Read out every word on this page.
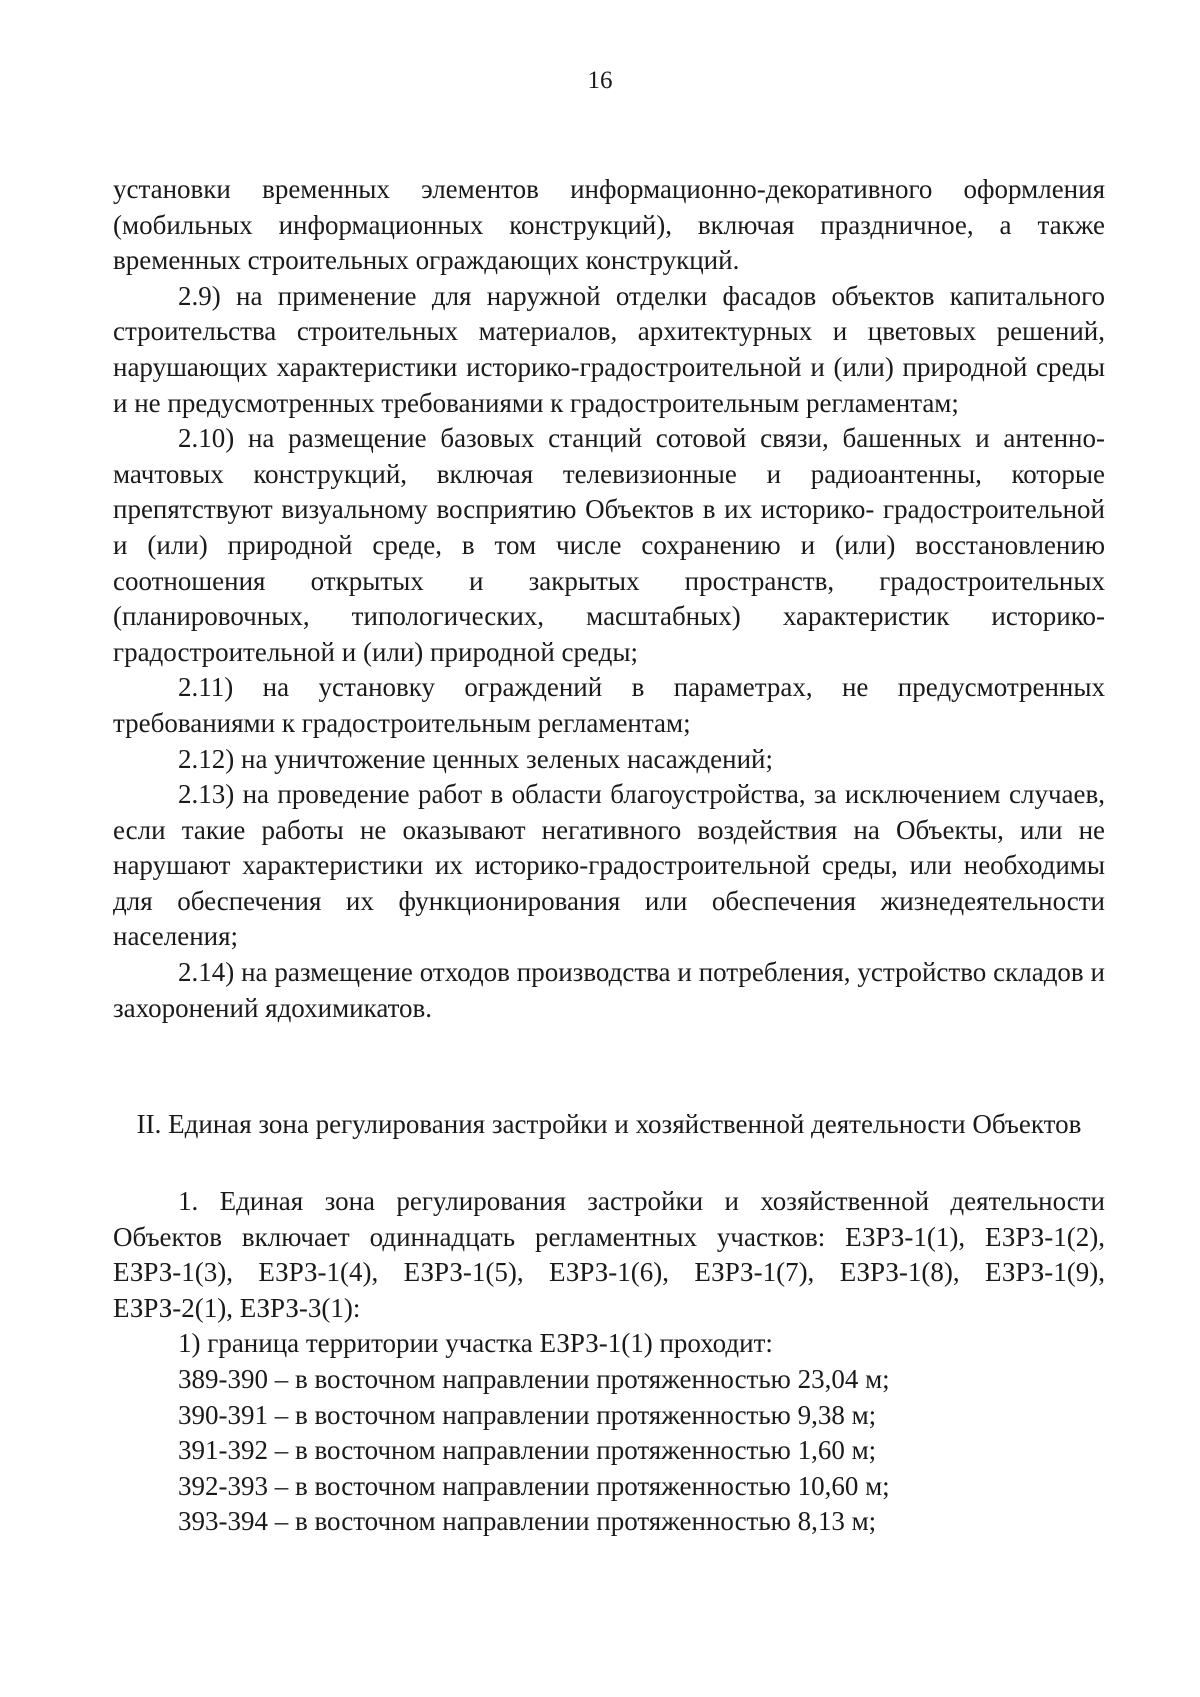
16

установки временных элементов информационно-декоративного оформления (мобильных информационных конструкций), включая праздничное, а также временных строительных ограждающих конструкций.

2.9) на применение для наружной отделки фасадов объектов капитального строительства строительных материалов, архитектурных и цветовых решений, нарушающих характеристики историко-градостроительной и (или) природной среды и не предусмотренных требованиями к градостроительным регламентам;

2.10) на размещение базовых станций сотовой связи, башенных и антенно-мачтовых конструкций, включая телевизионные и радиоантенны, которые препятствуют визуальному восприятию Объектов в их историко- градостроительной и (или) природной среде, в том числе сохранению и (или) восстановлению соотношения открытых и закрытых пространств, градостроительных (планировочных, типологических, масштабных) характеристик историко-градостроительной и (или) природной среды;

2.11) на установку ограждений в параметрах, не предусмотренных требованиями к градостроительным регламентам;

2.12) на уничтожение ценных зеленых насаждений;

2.13) на проведение работ в области благоустройства, за исключением случаев, если такие работы не оказывают негативного воздействия на Объекты, или не нарушают характеристики их историко-градостроительной среды, или необходимы для обеспечения их функционирования или обеспечения жизнедеятельности населения;

2.14) на размещение отходов производства и потребления, устройство складов и захоронений ядохимикатов.

II. Единая зона регулирования застройки и хозяйственной деятельности Объектов

1. Единая зона регулирования застройки и хозяйственной деятельности Объектов включает одиннадцать регламентных участков: ЕЗРЗ-1(1), ЕЗРЗ-1(2), ЕЗРЗ-1(3), ЕЗРЗ-1(4), ЕЗРЗ-1(5), ЕЗРЗ-1(6), ЕЗРЗ-1(7), ЕЗРЗ-1(8), ЕЗРЗ-1(9), ЕЗРЗ-2(1), ЕЗРЗ-3(1):

1) граница территории участка ЕЗРЗ-1(1) проходит:

389-390 – в восточном направлении протяженностью 23,04 м;

390-391 – в восточном направлении протяженностью 9,38 м;

391-392 – в восточном направлении протяженностью 1,60 м;

392-393 – в восточном направлении протяженностью 10,60 м;

393-394 – в восточном направлении протяженностью 8,13 м;
